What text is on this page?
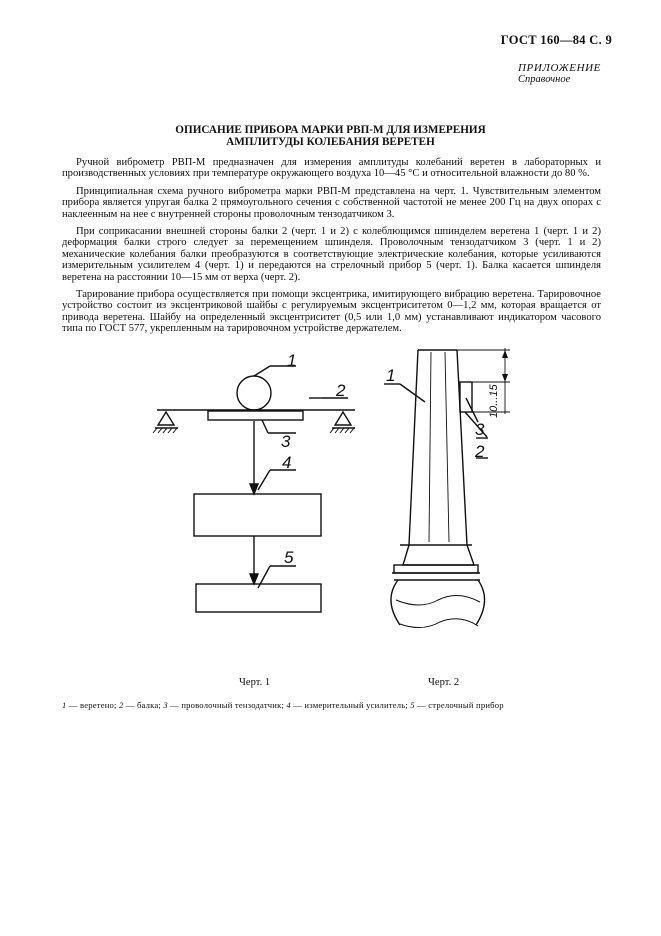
ГОСТ 160—84 С. 9
ПРИЛОЖЕНИЕ
Справочное
ОПИСАНИЕ ПРИБОРА МАРКИ РВП-М ДЛЯ ИЗМЕРЕНИЯ
АМПЛИТУДЫ КОЛЕБАНИЯ ВЕРЕТЕН

Ручной виброметр РВП-М предназначен для измерения амплитуды колебаний веретен в лабораторных и производственных условиях при температуре окружающего воздуха 10—45 °С и относительной влажности до 80 %.

Принципиальная схема ручного виброметра марки РВП-М представлена на черт. 1. Чувствительным элементом прибора является упругая балка 2 прямоугольного сечения с собственной частотой не менее 200 Гц на двух опорах с наклеенным на нее с внутренней стороны проволочным тензодатчиком 3.

При соприкасании внешней стороны балки 2 (черт. 1 и 2) с колеблющимся шпинделем веретена 1 (черт. 1 и 2) деформация балки строго следует за перемещением шпинделя. Проволочным тензодатчиком 3 (черт. 1 и 2) механические колебания балки преобразуются в соответствующие электрические колебания, которые усиливаются измерительным усилителем 4 (черт. 1) и передаются на стрелочный прибор 5 (черт. 1). Балка касается шпинделя веретена на расстоянии 10—15 мм от верха (черт. 2).

Тарирование прибора осуществляется при помощи эксцентрика, имитирующего вибрацию веретена. Тарировочное устройство состоит из эксцентриковой шайбы с регулируемым эксцентриситетом 0—1,2 мм, которая вращается от привода веретена. Шайбу на определенный эксцентриситет (0,5 или 1,0 мм) устанавливают индикатором часового типа по ГОСТ 577, укрепленным на тарировочном устройстве держателем.

1
2
3
4
5
1
2
3
10...15
Черт. 1	Черт. 2
1 — веретено; 2 — балка; 3 — проволочный тензодатчик; 4 — измерительный усилитель; 5 — стрелочный прибор
